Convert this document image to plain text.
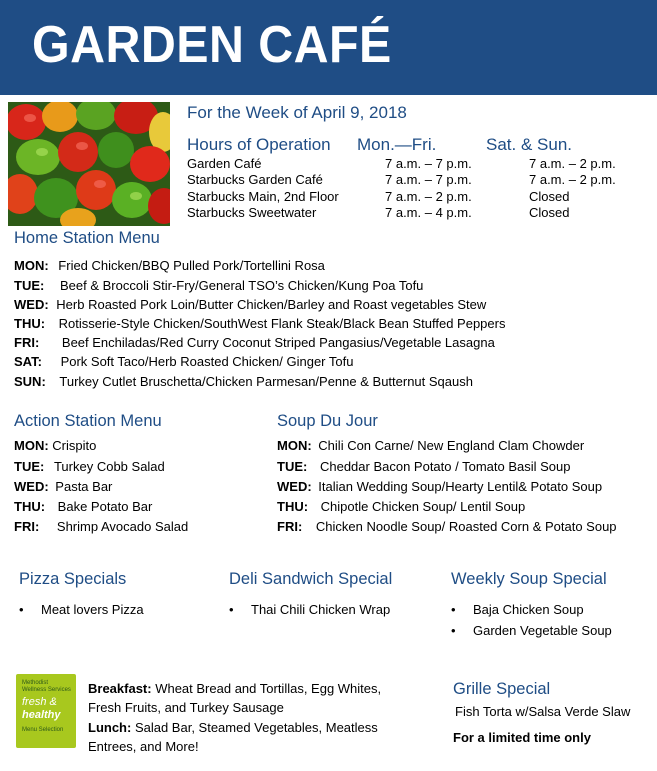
GARDEN CAFÉ
For the Week of April 9, 2018
Hours of Operation Mon.—Fri.	Sat. & Sun.
Garden Café	7 a.m. – 7 p.m.	7 a.m. – 2 p.m.
Starbucks Garden Café	7 a.m. – 7 p.m.	7 a.m. – 2 p.m.
Starbucks Main, 2nd Floor	7 a.m. – 2 p.m.	Closed
Starbucks Sweetwater	7 a.m. – 4 p.m.	Closed
Home Station Menu
MON: Fried Chicken/BBQ Pulled Pork/Tortellini Rosa
TUE: Beef & Broccoli Stir-Fry/General TSO’s Chicken/Kung Poa Tofu
WED: Herb Roasted Pork Loin/Butter Chicken/Barley and Roast vegetables Stew
THU: Rotisserie-Style Chicken/SouthWest Flank Steak/Black Bean Stuffed Peppers
FRI: Beef Enchiladas/Red Curry Coconut Striped Pangasius/Vegetable Lasagna
SAT: Pork Soft Taco/Herb Roasted Chicken/ Ginger Tofu
SUN: Turkey Cutlet Bruschetta/Chicken Parmesan/Penne & Butternut Sqaush
Action Station Menu
MON: Crispito
TUE: Turkey Cobb Salad
WED: Pasta Bar
THU: Bake Potato Bar
FRI: Shrimp Avocado Salad
Soup Du Jour
MON: Chili Con Carne/ New England Clam Chowder
TUE: Cheddar Bacon Potato / Tomato Basil Soup
WED: Italian Wedding Soup/Hearty Lentil& Potato Soup
THU: Chipotle Chicken Soup/ Lentil Soup
FRI: Chicken Noodle Soup/ Roasted Corn & Potato Soup
Pizza Specials
• Meat lovers Pizza
Deli Sandwich Special
• Thai Chili Chicken Wrap
Weekly Soup Special
• Baja Chicken Soup
• Garden Vegetable Soup
Methodist Wellness Services
fresh &
healthy
Menu Selection
Breakfast: Wheat Bread and Tortillas, Egg Whites,
Fresh Fruits, and Turkey Sausage
Lunch: Salad Bar, Steamed Vegetables, Meatless
Entrees, and More!
Grille Special
Fish Torta w/Salsa Verde Slaw
For a limited time only
